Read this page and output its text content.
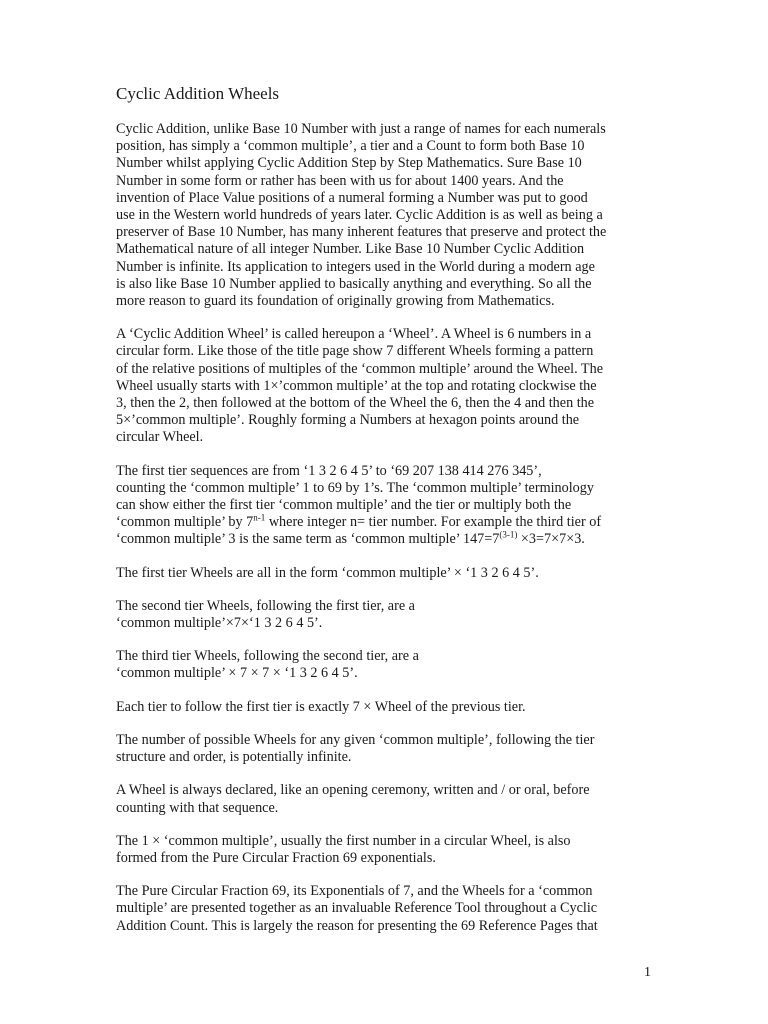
Cyclic Addition Wheels

Cyclic Addition, unlike Base 10 Number with just a range of names for each numerals
position, has simply a ‘common multiple’, a tier and a Count to form both Base 10
Number whilst applying Cyclic Addition Step by Step Mathematics. Sure Base 10
Number in some form or rather has been with us for about 1400 years. And the
invention of Place Value positions of a numeral forming a Number was put to good
use in the Western world hundreds of years later. Cyclic Addition is as well as being a
preserver of Base 10 Number, has many inherent features that preserve and protect the
Mathematical nature of all integer Number. Like Base 10 Number Cyclic Addition
Number is infinite. Its application to integers used in the World during a modern age
is also like Base 10 Number applied to basically anything and everything. So all the
more reason to guard its foundation of originally growing from Mathematics.

A ‘Cyclic Addition Wheel’ is called hereupon a ‘Wheel’. A Wheel is 6 numbers in a
circular form. Like those of the title page show 7 different Wheels forming a pattern
of the relative positions of multiples of the ‘common multiple’ around the Wheel. The
Wheel usually starts with 1×’common multiple’ at the top and rotating clockwise the
3, then the 2, then followed at the bottom of the Wheel the 6, then the 4 and then the
5×’common multiple’. Roughly forming a Numbers at hexagon points around the
circular Wheel.

The first tier sequences are from ‘1 3 2 6 4 5’ to ‘69 207 138 414 276 345’,
counting the ‘common multiple’ 1 to 69 by 1’s. The ‘common multiple’ terminology
can show either the first tier ‘common multiple’ and the tier or multiply both the
‘common multiple’ by 7$^{n-1}$ where integer n= tier number. For example the third tier of
‘common multiple’ 3 is the same term as ‘common multiple’ $147=7^{(3-1)} \times 3=7\times 7\times 3$.

The first tier Wheels are all in the form ‘common multiple’ × ‘1 3 2 6 4 5’.

The second tier Wheels, following the first tier, are a
‘common multiple’×7×‘1 3 2 6 4 5’.

The third tier Wheels, following the second tier, are a
‘common multiple’ × 7 × 7 × ‘1 3 2 6 4 5’.

Each tier to follow the first tier is exactly 7 × Wheel of the previous tier.

The number of possible Wheels for any given ‘common multiple’, following the tier
structure and order, is potentially infinite.

A Wheel is always declared, like an opening ceremony, written and / or oral, before
counting with that sequence.

The 1 × ‘common multiple’, usually the first number in a circular Wheel, is also
formed from the Pure Circular Fraction 69 exponentials.

The Pure Circular Fraction 69, its Exponentials of 7, and the Wheels for a ‘common
multiple’ are presented together as an invaluable Reference Tool throughout a Cyclic
Addition Count. This is largely the reason for presenting the 69 Reference Pages that

1
